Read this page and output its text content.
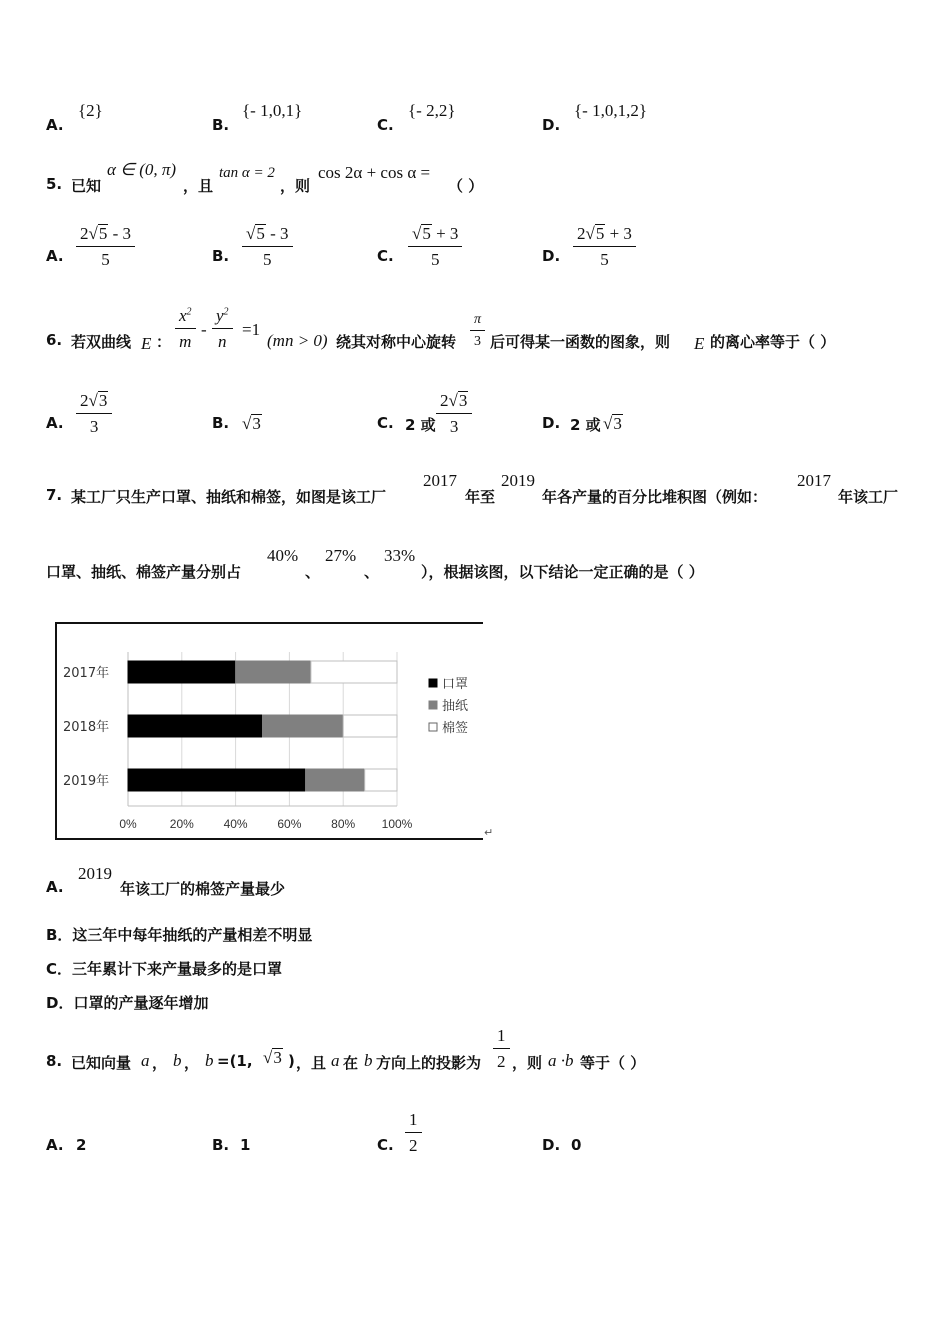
A.
{2}
B.
{- 1,0,1}
C.
{- 2,2}
D.
{- 1,0,1,2}
5. 已知
α ∈ (0, π)
，且
tan α = 2
，则
cos 2α + cos α =
（ ）
A. $\frac{2√5 - 3}{5}$	B. $\frac{√5 - 3}{5}$	C. $\frac{√5 + 3}{5}$	D. $\frac{2√5 + 3}{5}$
6. 若双曲线 E ： $\frac{x^2}{m} - \frac{y^2}{n} =1$
(mn > 0) 绕其对称中心旋转 $\frac{\pi}{3}$ 后可得某一函数的图象，则 E 的离心率等于（ ）
A. $\frac{2√3}{3}$	B. √3	C. 2 或 $\frac{2√3}{3}$	D. 2 或 √3
7. 某工厂只生产口罩、抽纸和棉签，如图是该工厂
2017
年至
2019
年各产量的百分比堆积图（例如：
2017
年该工厂
口罩、抽纸、棉签产量分别占
40%
、
27%
、
33%
），根据该图，以下结论一定正确的是（ ）
0%	20% 40% 60% 80% 100%
2017年
2018年
2019年
口罩
抽纸
棉签
↵
A.
2019
年该工厂的棉签产量最少
B．这三年中每年抽纸的产量相差不明显
C．三年累计下来产量最多的是口罩
D．口罩的产量逐年增加
8. 已知向量 a ， b ， b =(1, √3 ) ，且 a 在 b 方向上的投影为 $\frac{1}{2}$ ，则 a ·b 等于（ ）
A. 2	B. 1	C. $\frac{1}{2}$	D. 0
